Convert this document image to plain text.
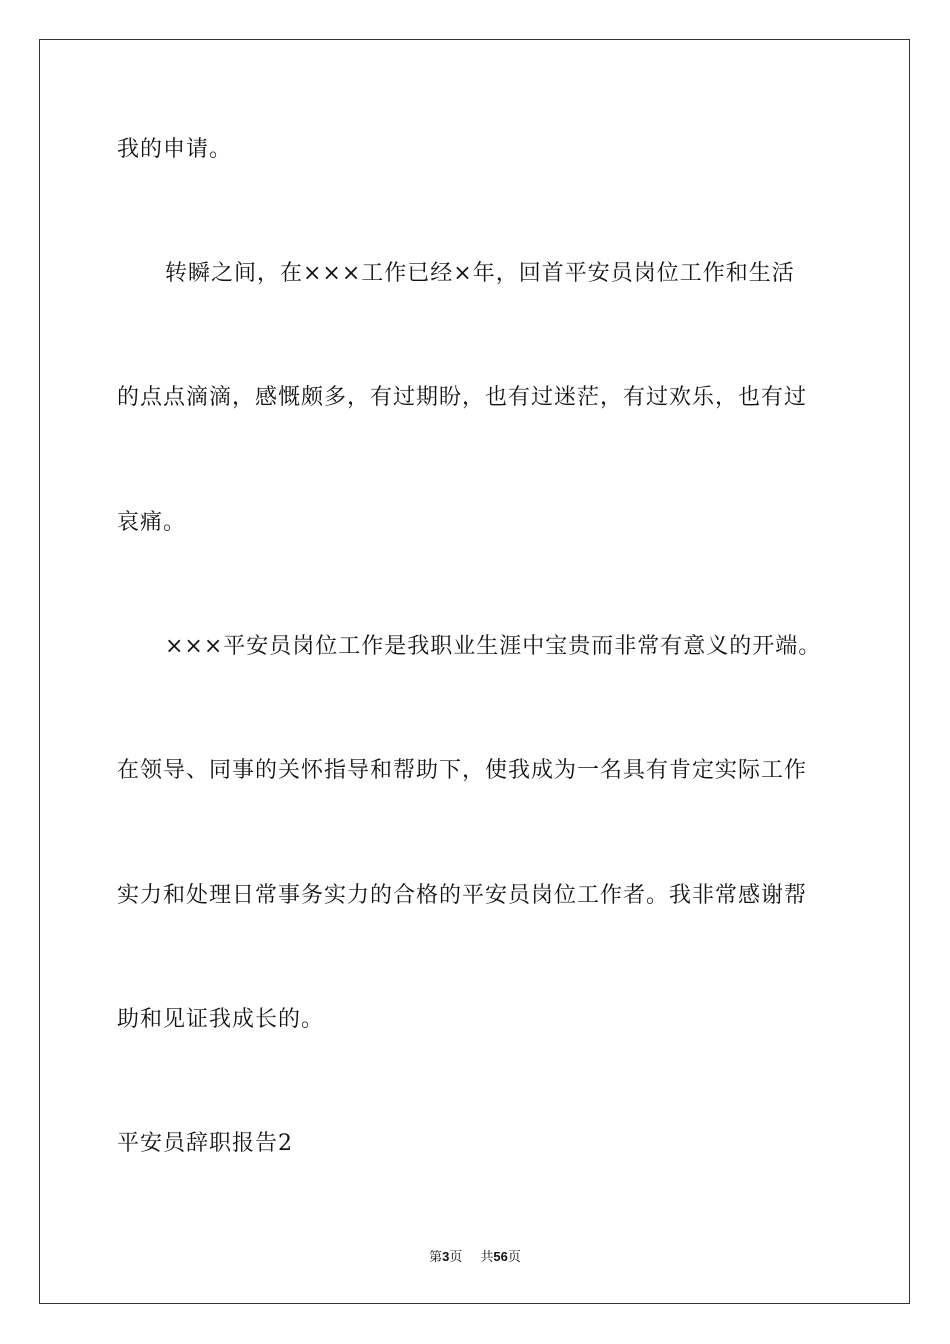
我的申请。
转瞬之间，在×××工作已经×年，回首平安员岗位工作和生活
的点点滴滴，感慨颇多，有过期盼，也有过迷茫，有过欢乐，也有过
哀痛。
×××平安员岗位工作是我职业生涯中宝贵而非常有意义的开端。
在领导、同事的关怀指导和帮助下，使我成为一名具有肯定实际工作
实力和处理日常事务实力的合格的平安员岗位工作者。我非常感谢帮
助和见证我成长的。
平安员辞职报告2
第3页 共56页
